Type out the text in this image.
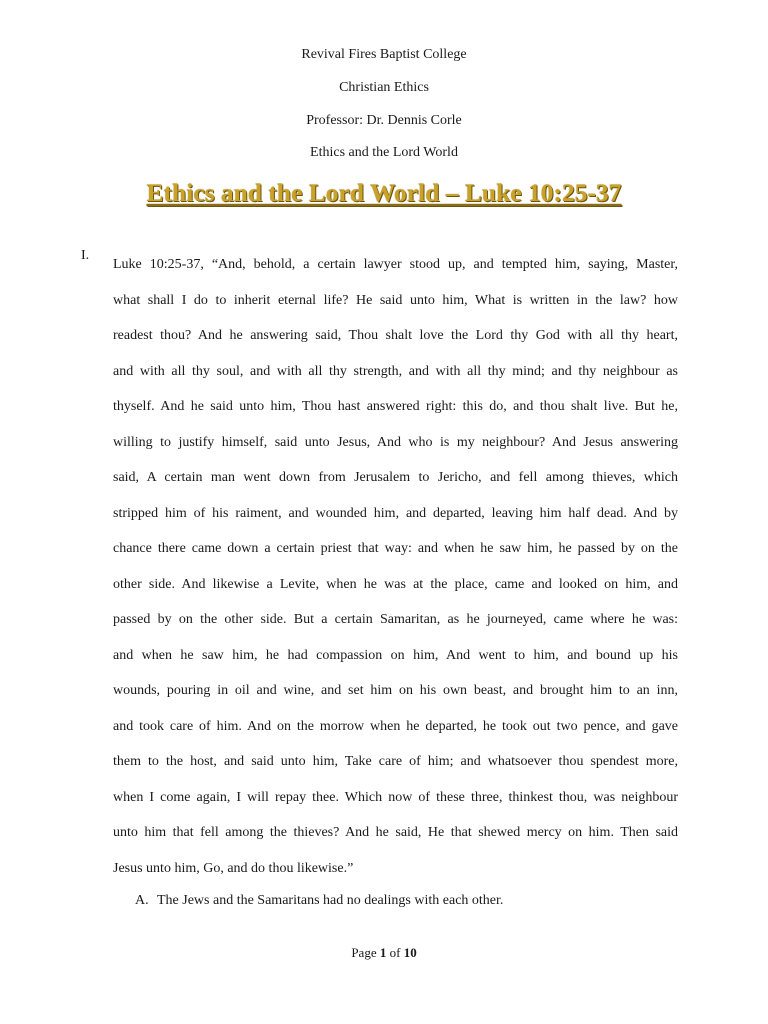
Revival Fires Baptist College
Christian Ethics
Professor: Dr. Dennis Corle
Ethics and the Lord World
Ethics and the Lord World – Luke 10:25-37
I.
Luke 10:25-37, “And, behold, a certain lawyer stood up, and tempted him, saying, Master,
what shall I do to inherit eternal life? He said unto him, What is written in the law? how
readest thou? And he answering said, Thou shalt love the Lord thy God with all thy heart,
and with all thy soul, and with all thy strength, and with all thy mind; and thy neighbour as
thyself. And he said unto him, Thou hast answered right: this do, and thou shalt live. But he,
willing to justify himself, said unto Jesus, And who is my neighbour? And Jesus answering
said, A certain man went down from Jerusalem to Jericho, and fell among thieves, which
stripped him of his raiment, and wounded him, and departed, leaving him half dead. And by
chance there came down a certain priest that way: and when he saw him, he passed by on the
other side. And likewise a Levite, when he was at the place, came and looked on him, and
passed by on the other side. But a certain Samaritan, as he journeyed, came where he was:
and when he saw him, he had compassion on him, And went to him, and bound up his
wounds, pouring in oil and wine, and set him on his own beast, and brought him to an inn,
and took care of him. And on the morrow when he departed, he took out two pence, and gave
them to the host, and said unto him, Take care of him; and whatsoever thou spendest more,
when I come again, I will repay thee. Which now of these three, thinkest thou, was neighbour
unto him that fell among the thieves? And he said, He that shewed mercy on him. Then said
Jesus unto him, Go, and do thou likewise.”
A. The Jews and the Samaritans had no dealings with each other.
Page 1 of 10
